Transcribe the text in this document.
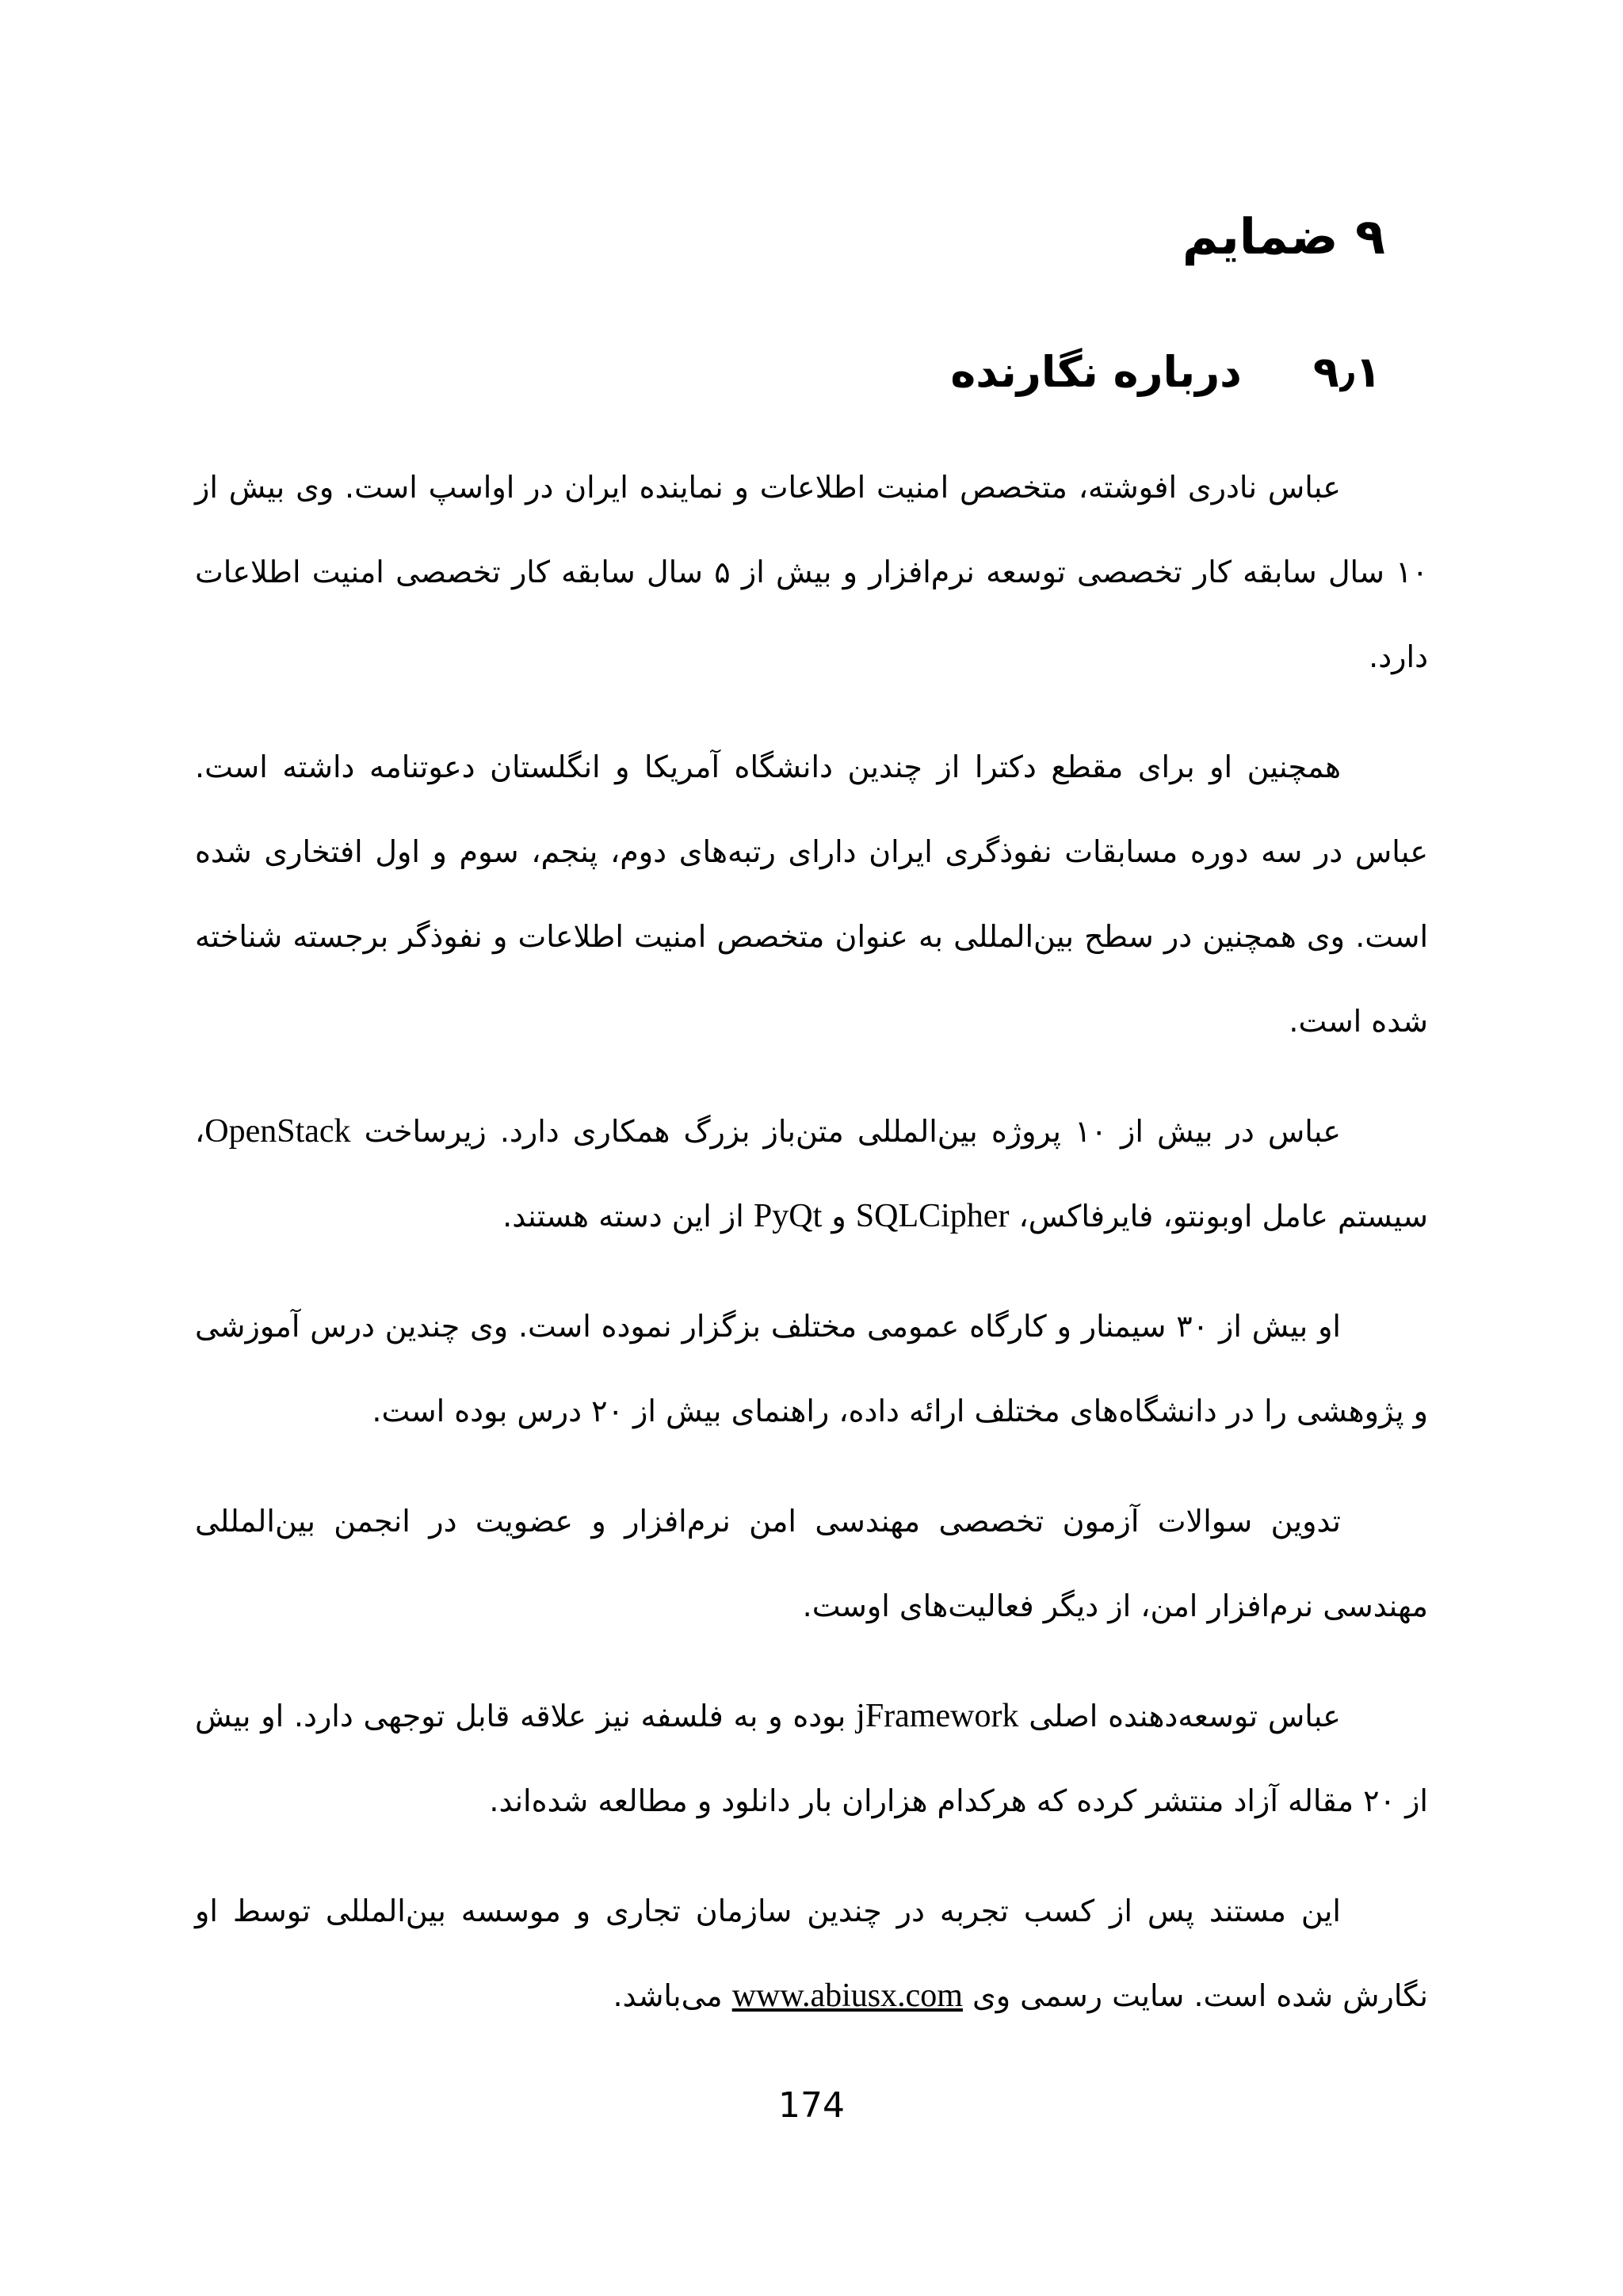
۹ ضمایم
۹٫۱درباره نگارنده

عباس نادری افوشته، متخصص امنیت اطلاعات و نماینده ایران در اواسپ است. وی بیش از ۱۰ سال سابقه کار تخصصی توسعه نرم‌افزار و بیش از ۵ سال سابقه کار تخصصی امنیت اطلاعات دارد.

همچنین او برای مقطع دکترا از چندین دانشگاه آمریکا و انگلستان دعوتنامه داشته است. عباس در سه دوره مسابقات نفوذگری ایران دارای رتبه‌های دوم، پنجم، سوم و اول افتخاری شده است. وی همچنین در سطح بین‌المللی به عنوان متخصص امنیت اطلاعات و نفوذگر برجسته شناخته شده است.

عباس در بیش از ۱۰ پروژه بین‌المللی متن‌باز بزرگ همکاری دارد. زیرساخت OpenStack، سیستم عامل اوبونتو، فایرفاکس، SQLCipher و PyQt از این دسته هستند.

او بیش از ۳۰ سیمنار و کارگاه عمومی مختلف بزگزار نموده است. وی چندین درس آموزشی و پژوهشی را در دانشگاه‌های مختلف ارائه داده، راهنمای بیش از ۲۰ درس بوده است.

تدوین سوالات آزمون تخصصی مهندسی امن نرم‌افزار و عضویت در انجمن بین‌المللی مهندسی نرم‌افزار امن، از دیگر فعالیت‌های اوست.

عباس توسعه‌دهنده اصلی jFramework بوده و به فلسفه نیز علاقه قابل توجهی دارد. او بیش از ۲۰ مقاله آزاد منتشر کرده که هرکدام هزاران بار دانلود و مطالعه شده‌اند.

این مستند پس از کسب تجربه در چندین سازمان تجاری و موسسه بین‌المللی توسط او نگارش شده است. سایت رسمی وی www.abiusx.com می‌باشد.

174
